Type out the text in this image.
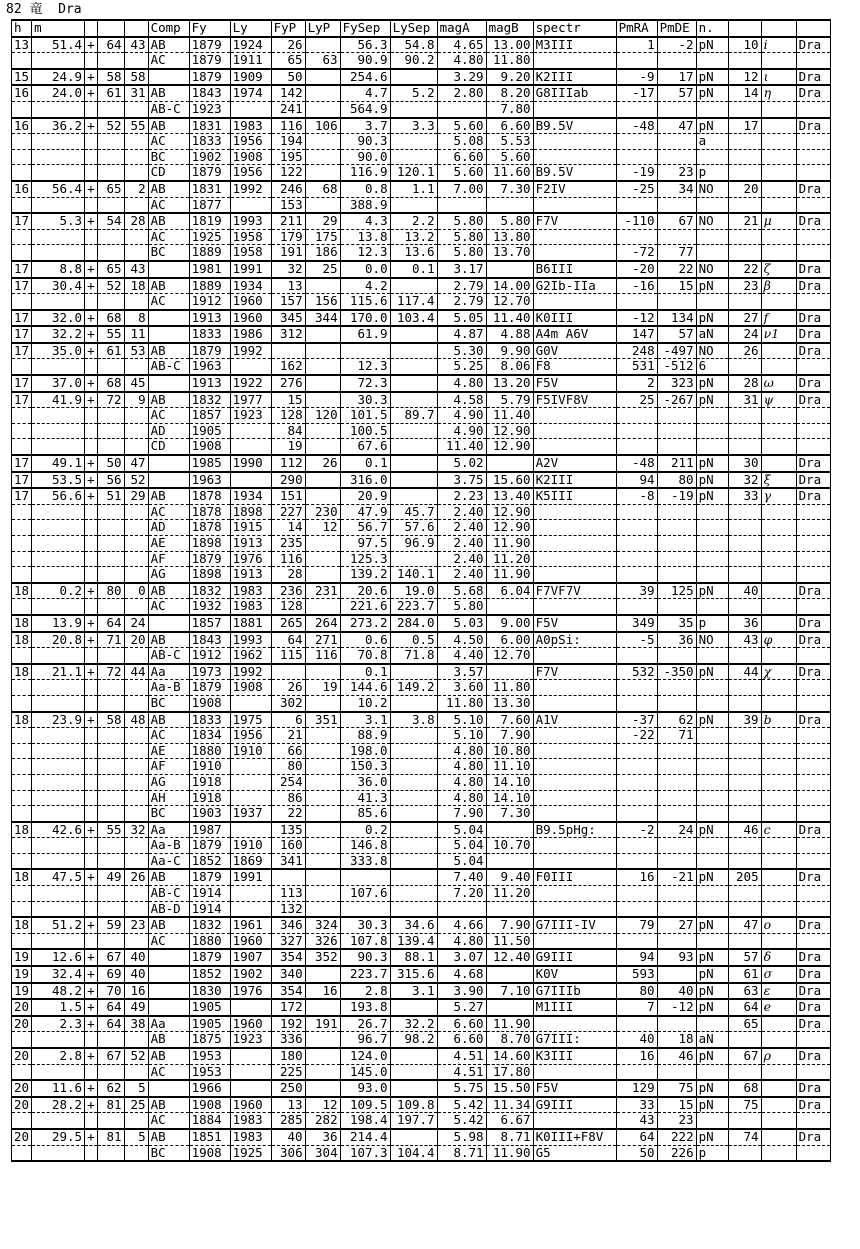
82 竜  Dra
h	m				Comp	Fy	Ly	FyP	LyP	FySep	LySep	magA	magB	spectr	PmRA	PmDE	n.			
13	51.4	+	64	43	AB	1879	1924	26		56.3	54.8	4.65	13.00	M3III	1	-2	pN	10	i	Dra
					AC	1879	1911	65	63	90.9	90.2	4.80	11.80							
15	24.9	+	58	58		1879	1909	50		254.6		3.29	9.20	K2III	-9	17	pN	12	ι	Dra
16	24.0	+	61	31	AB	1843	1974	142		4.7	5.2	2.80	8.20	G8IIIab	-17	57	pN	14	η	Dra
					AB-C	1923		241		564.9			7.80							
16	36.2	+	52	55	AB	1831	1983	116	106	3.7	3.3	5.60	6.60	B9.5V	-48	47	pN	17		Dra
					AC	1833	1956	194		90.3		5.08	5.53				a			
					BC	1902	1908	195		90.0		6.60	5.60							
					CD	1879	1956	122		116.9	120.1	5.60	11.60	B9.5V	-19	23	p			
16	56.4	+	65	2	AB	1831	1992	246	68	0.8	1.1	7.00	7.30	F2IV	-25	34	NO	20		Dra
					AC	1877		153		388.9										
17	5.3	+	54	28	AB	1819	1993	211	29	4.3	2.2	5.80	5.80	F7V	-110	67	NO	21	μ	Dra
					AC	1925	1958	179	175	13.8	13.2	5.80	13.80							
					BC	1889	1958	191	186	12.3	13.6	5.80	13.70		-72	77				
17	8.8	+	65	43		1981	1991	32	25	0.0	0.1	3.17		B6III	-20	22	NO	22	ζ	Dra
17	30.4	+	52	18	AB	1889	1934	13		4.2		2.79	14.00	G2Ib-IIa	-16	15	pN	23	β	Dra
					AC	1912	1960	157	156	115.6	117.4	2.79	12.70							
17	32.0	+	68	8		1913	1960	345	344	170.0	103.4	5.05	11.40	K0III	-12	134	pN	27	f	Dra
17	32.2	+	55	11		1833	1986	312		61.9		4.87	4.88	A4m A6V	147	57	aN	24	ν1	Dra
17	35.0	+	61	53	AB	1879	1992					5.30	9.90	G0V	248	-497	NO	26		Dra
					AB-C	1963		162		12.3		5.25	8.06	F8	531	-512	6			
17	37.0	+	68	45		1913	1922	276		72.3		4.80	13.20	F5V	2	323	pN	28	ω	Dra
17	41.9	+	72	9	AB	1832	1977	15		30.3		4.58	5.79	F5IVF8V	25	-267	pN	31	ψ	Dra
					AC	1857	1923	128	120	101.5	89.7	4.90	11.40							
					AD	1905		84		100.5		4.90	12.90							
					CD	1908		19		67.6		11.40	12.90							
17	49.1	+	50	47		1985	1990	112	26	0.1		5.02		A2V	-48	211	pN	30		Dra
17	53.5	+	56	52		1963		290		316.0		3.75	15.60	K2III	94	80	pN	32	ξ	Dra
17	56.6	+	51	29	AB	1878	1934	151		20.9		2.23	13.40	K5III	-8	-19	pN	33	γ	Dra
					AC	1878	1898	227	230	47.9	45.7	2.40	12.90							
					AD	1878	1915	14	12	56.7	57.6	2.40	12.90							
					AE	1898	1913	235		97.5	96.9	2.40	11.90							
					AF	1879	1976	116		125.3		2.40	11.20							
					AG	1898	1913	28		139.2	140.1	2.40	11.90							
18	0.2	+	80	0	AB	1832	1983	236	231	20.6	19.0	5.68	6.04	F7VF7V	39	125	pN	40		Dra
					AC	1932	1983	128		221.6	223.7	5.80								
18	13.9	+	64	24		1857	1881	265	264	273.2	284.0	5.03	9.00	F5V	349	35	p	36		Dra
18	20.8	+	71	20	AB	1843	1993	64	271	0.6	0.5	4.50	6.00	A0pSi:	-5	36	NO	43	φ	Dra
					AB-C	1912	1962	115	116	70.8	71.8	4.40	12.70							
18	21.1	+	72	44	Aa	1973	1992			0.1		3.57		F7V	532	-350	pN	44	χ	Dra
					Aa-B	1879	1908	26	19	144.6	149.2	3.60	11.80							
					BC	1908		302		10.2		11.80	13.30							
18	23.9	+	58	48	AB	1833	1975	6	351	3.1	3.8	5.10	7.60	A1V	-37	62	pN	39	b	Dra
					AC	1834	1956	21		88.9		5.10	7.90		-22	71				
					AE	1880	1910	66		198.0		4.80	10.80							
					AF	1910		80		150.3		4.80	11.10							
					AG	1918		254		36.0		4.80	14.10							
					AH	1918		86		41.3		4.80	14.10							
					BC	1903	1937	22		85.6		7.90	7.30							
18	42.6	+	55	32	Aa	1987		135		0.2		5.04		B9.5pHg:	-2	24	pN	46	c	Dra
					Aa-B	1879	1910	160		146.8		5.04	10.70							
					Aa-C	1852	1869	341		333.8		5.04								
18	47.5	+	49	26	AB	1879	1991					7.40	9.40	F0III	16	-21	pN	205		Dra
					AB-C	1914		113		107.6		7.20	11.20							
					AB-D	1914		132												
18	51.2	+	59	23	AB	1832	1961	346	324	30.3	34.6	4.66	7.90	G7III-IV	79	27	pN	47	ο	Dra
					AC	1880	1960	327	326	107.8	139.4	4.80	11.50							
19	12.6	+	67	40		1879	1907	354	352	90.3	88.1	3.07	12.40	G9III	94	93	pN	57	δ	Dra
19	32.4	+	69	40		1852	1902	340		223.7	315.6	4.68		K0V	593		pN	61	σ	Dra
19	48.2	+	70	16		1830	1976	354	16	2.8	3.1	3.90	7.10	G7IIIb	80	40	pN	63	ε	Dra
20	1.5	+	64	49		1905		172		193.8		5.27		M1III	7	-12	pN	64	e	Dra
20	2.3	+	64	38	Aa	1905	1960	192	191	26.7	32.2	6.60	11.90					65		Dra
					AB	1875	1923	336		96.7	98.2	6.60	8.70	G7III:	40	18	aN			
20	2.8	+	67	52	AB	1953		180		124.0		4.51	14.60	K3III	16	46	pN	67	ρ	Dra
					AC	1953		225		145.0		4.51	17.80							
20	11.6	+	62	5		1966		250		93.0		5.75	15.50	F5V	129	75	pN	68		Dra
20	28.2	+	81	25	AB	1908	1960	13	12	109.5	109.8	5.42	11.34	G9III	33	15	pN	75		Dra
					AC	1884	1983	285	282	198.4	197.7	5.42	6.67		43	23				
20	29.5	+	81	5	AB	1851	1983	40	36	214.4		5.98	8.71	K0III+F8V	64	222	pN	74		Dra
					BC	1908	1925	306	304	107.3	104.4	8.71	11.90	G5	50	226	p			
